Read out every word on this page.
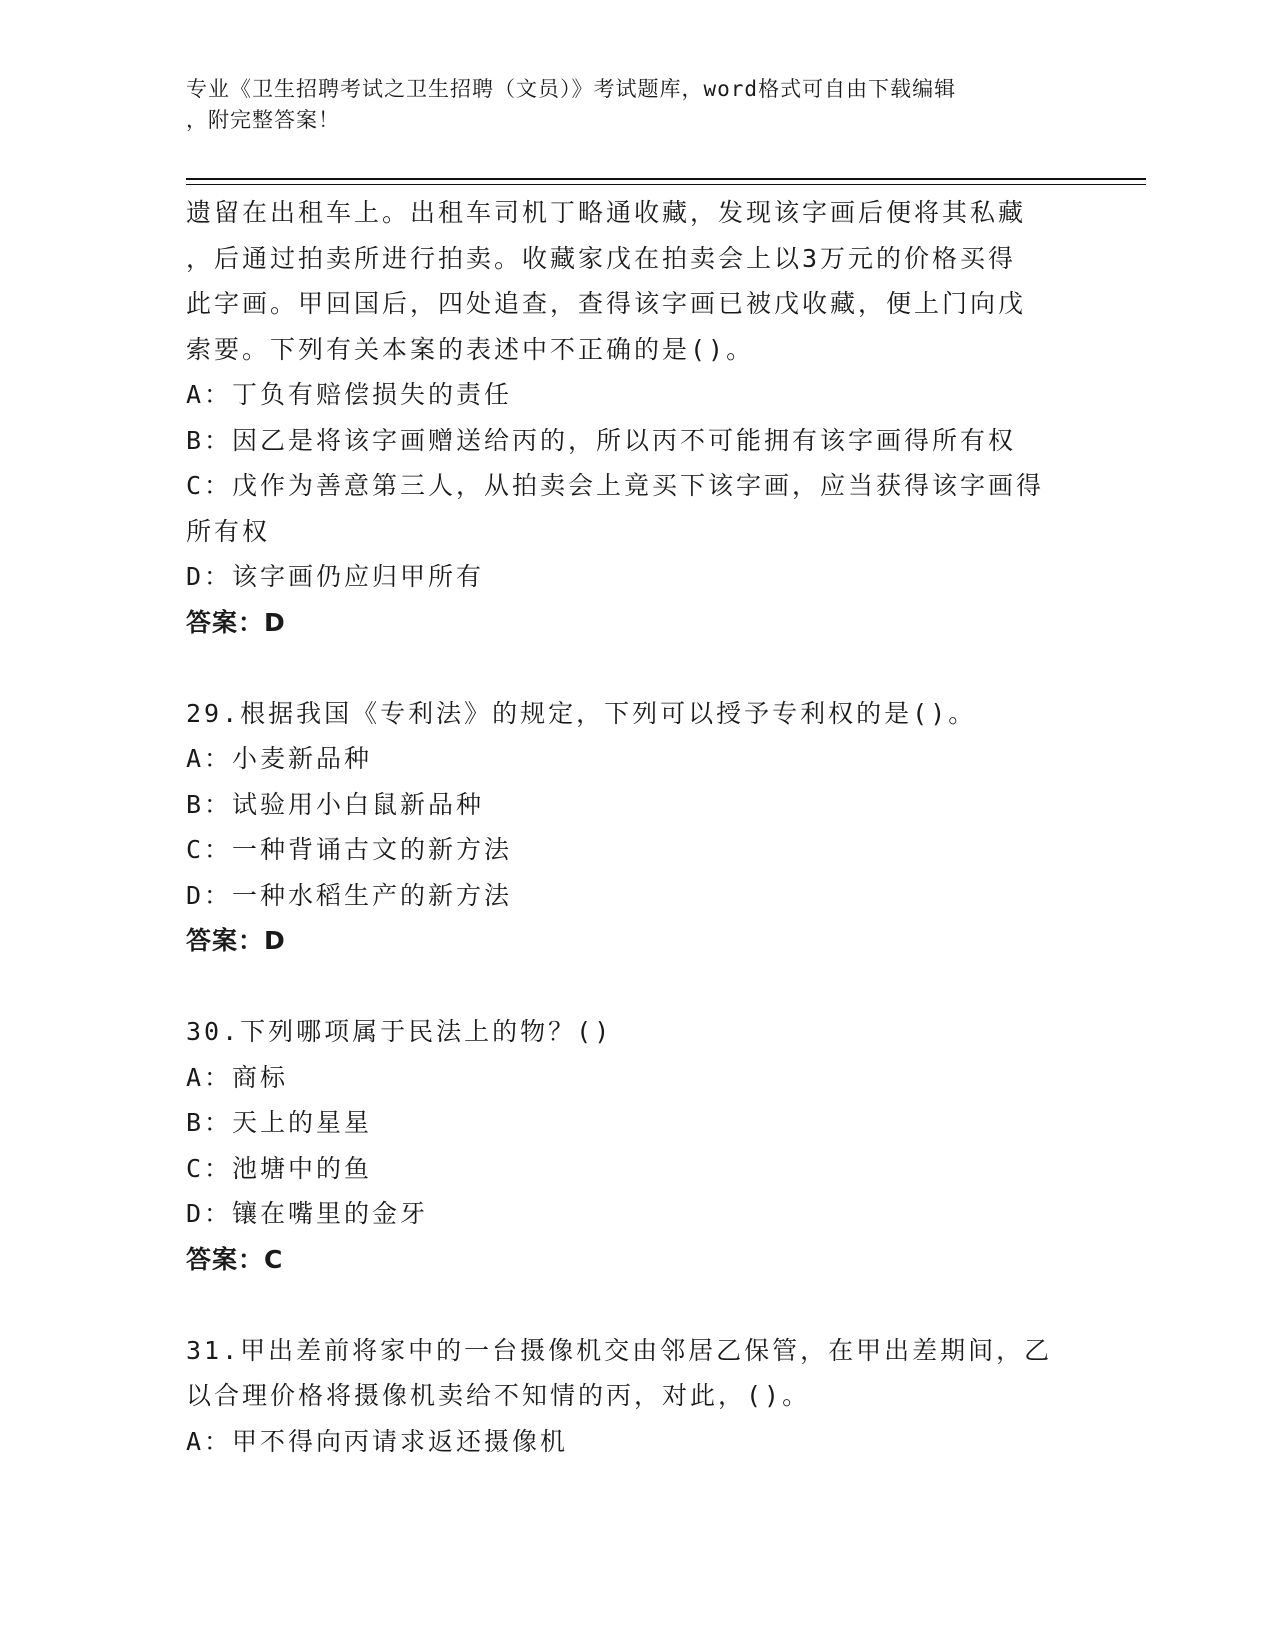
专业《卫生招聘考试之卫生招聘（文员）》考试题库，word格式可自由下载编辑
，附完整答案！
遗留在出租车上。出租车司机丁略通收藏，发现该字画后便将其私藏
，后通过拍卖所进行拍卖。收藏家戊在拍卖会上以3万元的价格买得
此字画。甲回国后，四处追查，查得该字画已被戊收藏，便上门向戊
索要。下列有关本案的表述中不正确的是()。
A：丁负有赔偿损失的责任
B：因乙是将该字画赠送给丙的，所以丙不可能拥有该字画得所有权
C：戊作为善意第三人，从拍卖会上竟买下该字画，应当获得该字画得
所有权
D：该字画仍应归甲所有
答案：D
29.根据我国《专利法》的规定，下列可以授予专利权的是()。
A：小麦新品种
B：试验用小白鼠新品种
C：一种背诵古文的新方法
D：一种水稻生产的新方法
答案：D
30.下列哪项属于民法上的物？()
A：商标
B：天上的星星
C：池塘中的鱼
D：镶在嘴里的金牙
答案：C
31.甲出差前将家中的一台摄像机交由邻居乙保管，在甲出差期间，乙
以合理价格将摄像机卖给不知情的丙，对此，()。
A：甲不得向丙请求返还摄像机
